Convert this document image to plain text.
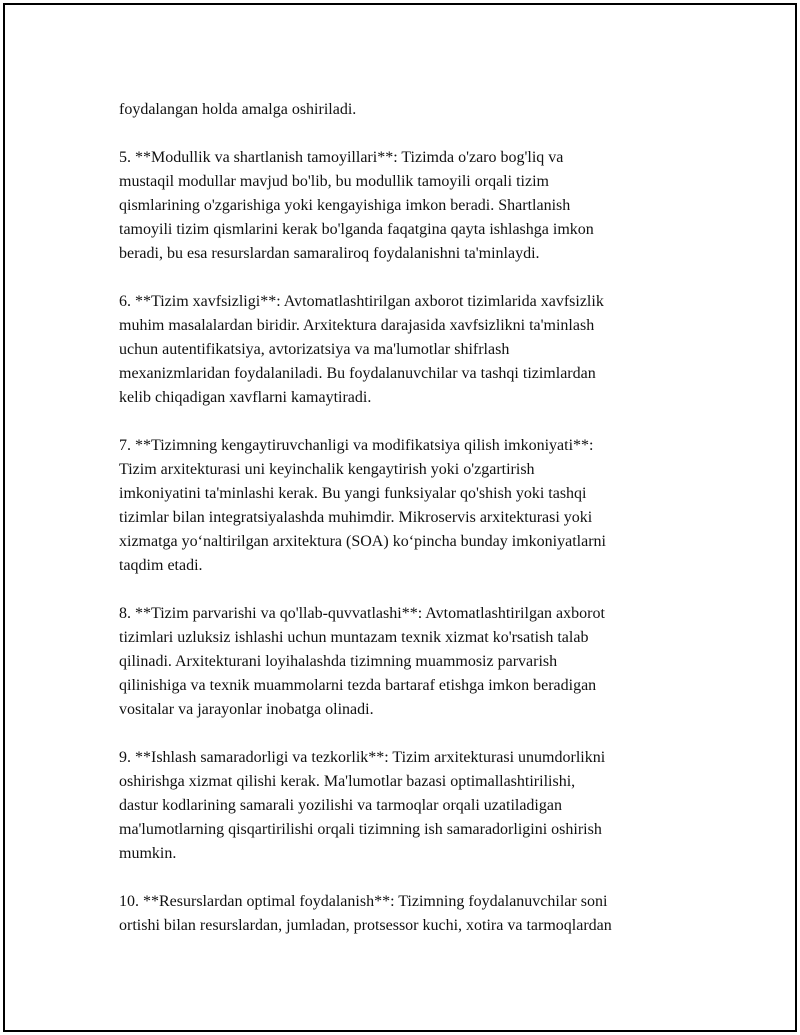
foydalangan holda amalga oshiriladi.

5. **Modullik va shartlanish tamoyillari**: Tizimda o'zaro bog'liq va
mustaqil modullar mavjud bo'lib, bu modullik tamoyili orqali tizim
qismlarining o'zgarishiga yoki kengayishiga imkon beradi. Shartlanish
tamoyili tizim qismlarini kerak bo'lganda faqatgina qayta ishlashga imkon
beradi, bu esa resurslardan samaraliroq foydalanishni ta'minlaydi.

6. **Tizim xavfsizligi**: Avtomatlashtirilgan axborot tizimlarida xavfsizlik
muhim masalalardan biridir. Arxitektura darajasida xavfsizlikni ta'minlash
uchun autentifikatsiya, avtorizatsiya va ma'lumotlar shifrlash
mexanizmlaridan foydalaniladi. Bu foydalanuvchilar va tashqi tizimlardan
kelib chiqadigan xavflarni kamaytiradi.

7. **Tizimning kengaytiruvchanligi va modifikatsiya qilish imkoniyati**:
Tizim arxitekturasi uni keyinchalik kengaytirish yoki o'zgartirish
imkoniyatini ta'minlashi kerak. Bu yangi funksiyalar qo'shish yoki tashqi
tizimlar bilan integratsiyalashda muhimdir. Mikroservis arxitekturasi yoki
xizmatga yo‘naltirilgan arxitektura (SOA) ko‘pincha bunday imkoniyatlarni
taqdim etadi.

8. **Tizim parvarishi va qo'llab-quvvatlashi**: Avtomatlashtirilgan axborot
tizimlari uzluksiz ishlashi uchun muntazam texnik xizmat ko'rsatish talab
qilinadi. Arxitekturani loyihalashda tizimning muammosiz parvarish
qilinishiga va texnik muammolarni tezda bartaraf etishga imkon beradigan
vositalar va jarayonlar inobatga olinadi.

9. **Ishlash samaradorligi va tezkorlik**: Tizim arxitekturasi unumdorlikni
oshirishga xizmat qilishi kerak. Ma'lumotlar bazasi optimallashtirilishi,
dastur kodlarining samarali yozilishi va tarmoqlar orqali uzatiladigan
ma'lumotlarning qisqartirilishi orqali tizimning ish samaradorligini oshirish
mumkin.

10. **Resurslardan optimal foydalanish**: Tizimning foydalanuvchilar soni
ortishi bilan resurslardan, jumladan, protsessor kuchi, xotira va tarmoqlardan
